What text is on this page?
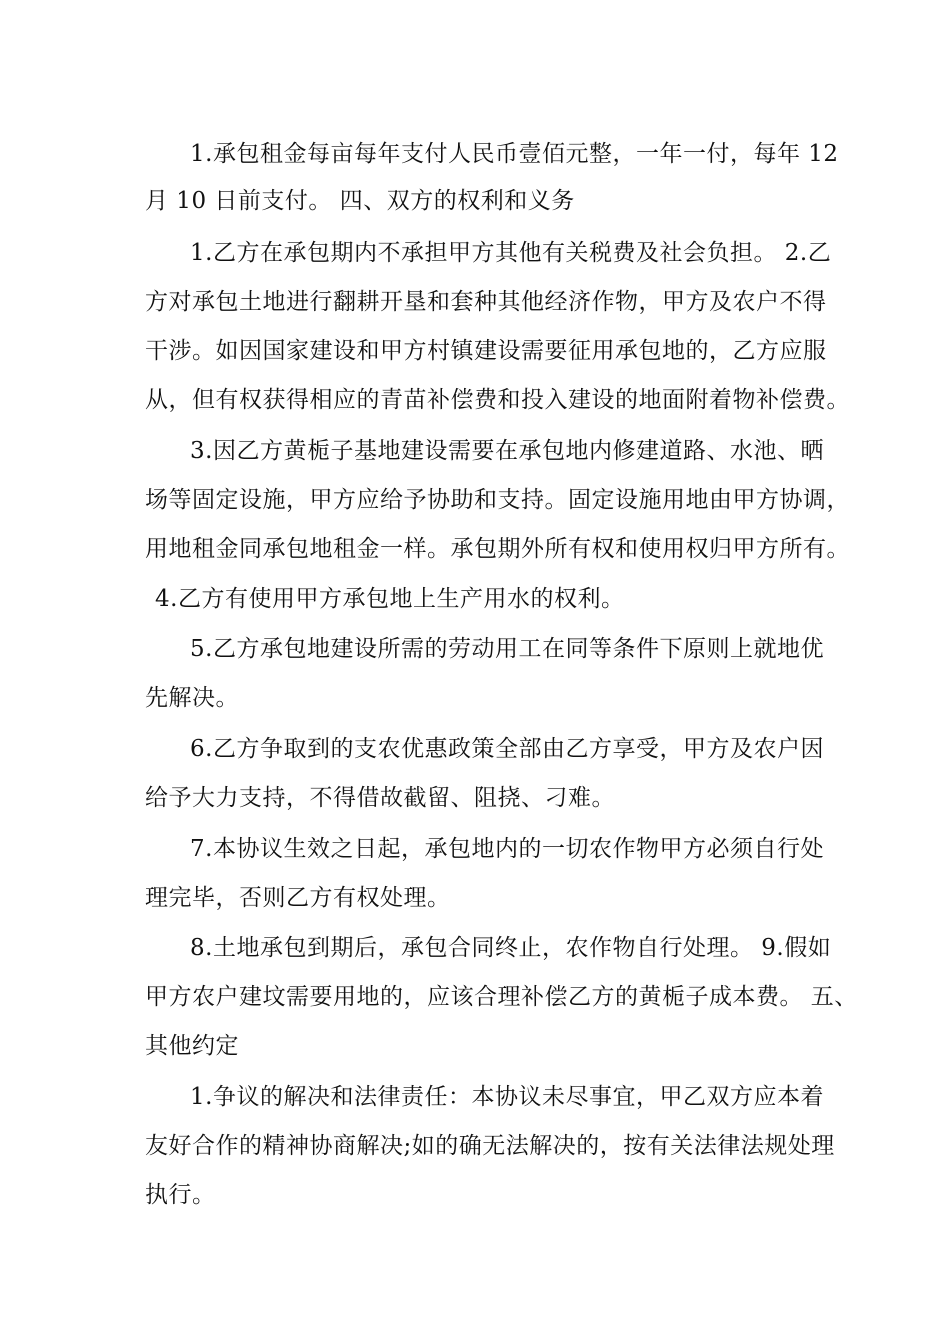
1.承包租金每亩每年支付人民币壹佰元整，一年一付，每年 12
月 10 日前支付。 四、双方的权利和义务
1.乙方在承包期内不承担甲方其他有关税费及社会负担。 2.乙
方对承包土地进行翻耕开垦和套种其他经济作物，甲方及农户不得
干涉。如因国家建设和甲方村镇建设需要征用承包地的，乙方应服
从，但有权获得相应的青苗补偿费和投入建设的地面附着物补偿费。
3.因乙方黄栀子基地建设需要在承包地内修建道路、水池、晒
场等固定设施，甲方应给予协助和支持。固定设施用地由甲方协调，
用地租金同承包地租金一样。承包期外所有权和使用权归甲方所有。
4.乙方有使用甲方承包地上生产用水的权利。
5.乙方承包地建设所需的劳动用工在同等条件下原则上就地优
先解决。
6.乙方争取到的支农优惠政策全部由乙方享受，甲方及农户因
给予大力支持，不得借故截留、阻挠、刁难。
7.本协议生效之日起，承包地内的一切农作物甲方必须自行处
理完毕，否则乙方有权处理。
8.土地承包到期后，承包合同终止，农作物自行处理。 9.假如
甲方农户建坟需要用地的，应该合理补偿乙方的黄栀子成本费。 五、
其他约定
1.争议的解决和法律责任：本协议未尽事宜，甲乙双方应本着
友好合作的精神协商解决;如的确无法解决的，按有关法律法规处理
执行。
